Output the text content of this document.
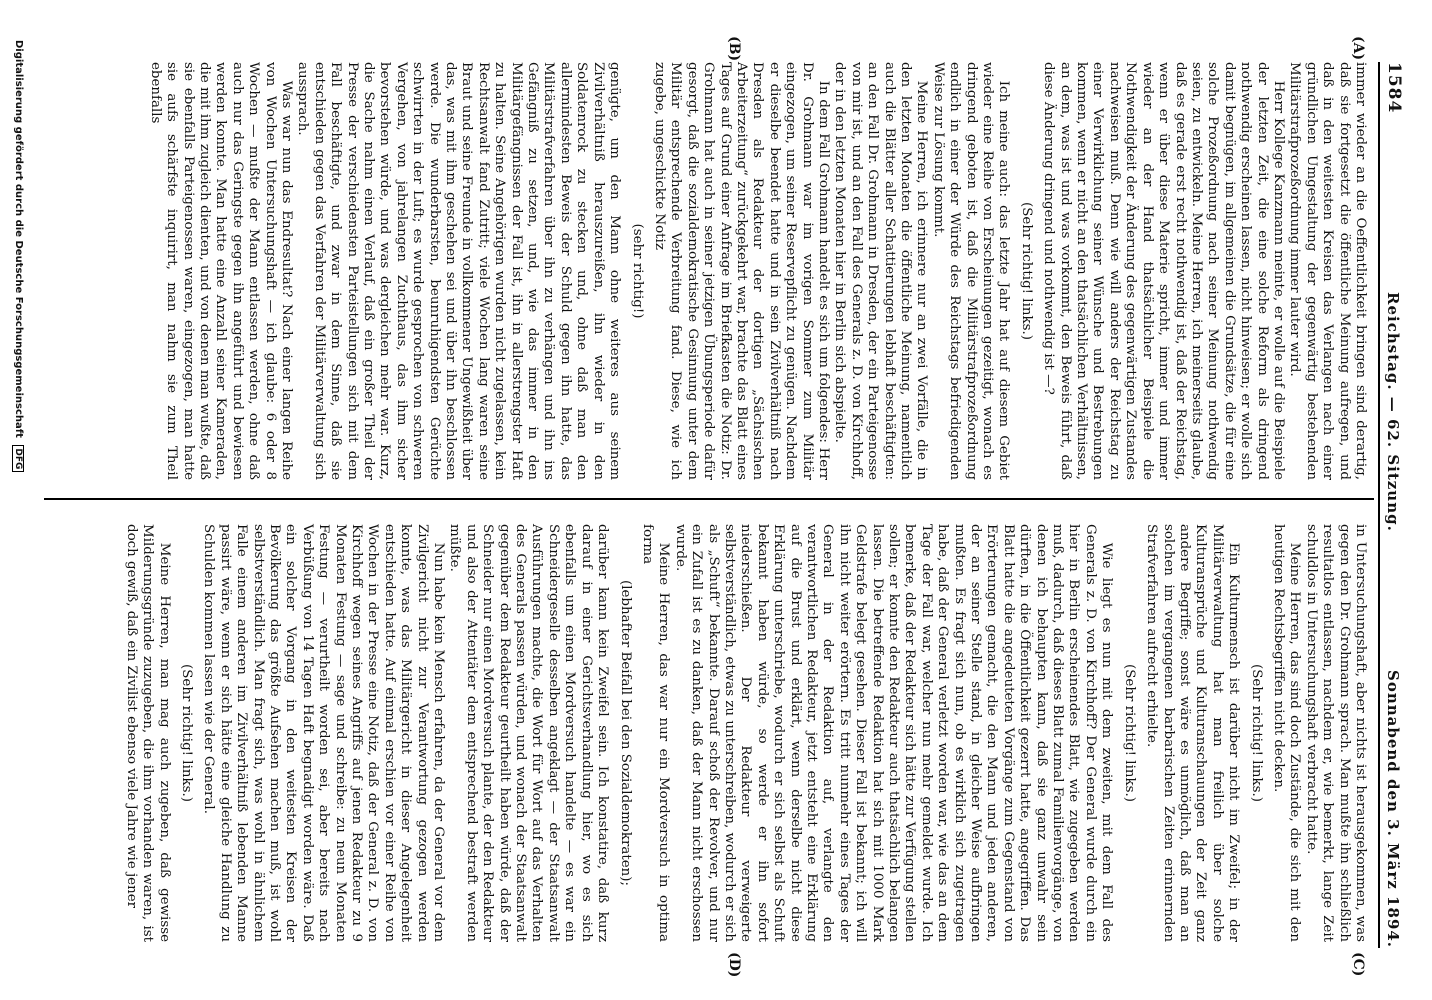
1584
Reichstag. — 62. Sitzung.
Sonnabend den 3. März 1894.
(A)
(B)
(C)
(D)

immer wieder an die Oeffentlichkeit bringen sind derartig, daß sie fortgesetzt die öffentliche Meinung aufregen, und daß in den weitesten Kreisen das Verlangen nach einer gründlichen Umgestaltung der gegenwärtig bestehenden Militärstrafprozeßordnung immer lauter wird.

Herr Kollege Kanzmann meinte, er wolle auf die Beispiele der letzten Zeit, die eine solche Reform als dringend nothwendig erscheinen lassen, nicht hinweisen; er wolle sich damit begnügen, im allgemeinen die Grundsätze, die für eine solche Prozeßordnung nach seiner Meinung nothwendig seien, zu entwickeln. Meine Herren, ich meinerseits glaube, daß es gerade erst recht nothwendig ist, daß der Reichstag, wenn er über diese Materie spricht, immer und immer wieder an der Hand thatsächlicher Beispiele die Nothwendigkeit der Änderung des gegenwärtigen Zustandes nachweisen muß. Denn wie will anders der Reichstag zu einer Verwirklichung seiner Wünsche und Bestrebungen kommen, wenn er nicht an den thatsächlichen Verhältnissen, an dem, was ist und was vorkommt, den Beweis führt, daß diese Änderung dringend und nothwendig ist —?

(Sehr richtig! links.)

Ich meine auch: das letzte Jahr hat auf diesem Gebiet wieder eine Reihe von Erscheinungen gezeitigt, wonach es dringend geboten ist, daß die Militärstrafprozeßordnung endlich in einer der Würde des Reichstags befriedigenden Weise zur Lösung kommt.

Meine Herren, ich erinnere nur an zwei Vorfälle, die in den letzten Monaten die öffentliche Meinung, namentlich auch die Blätter aller Schattierungen lebhaft beschäftigten: an den Fall Dr. Grohmann in Dresden, der ein Parteigenosse von mir ist, und an den Fall des Generals z. D. von Kirchhoff, der in den letzten Monaten hier in Berlin sich abspielte.

In dem Fall Grohmann handelt es sich um folgendes: Herr Dr. Grohmann war im vorigen Sommer zum Militär eingezogen, um seiner Reservepflicht zu genügen. Nachdem er dieselbe beendet hatte und in sein Zivilverhältniß nach Dresden als Redakteur der dortigen „Sächsischen Arbeiterzeitung“ zurückgekehrt war, brachte das Blatt eines Tages auf Grund einer Anfrage im Briefkasten die Notiz: Dr. Grohmann hat auch in seiner jetzigen Übungsperiode dafür gesorgt, daß die sozialdemokratische Gesinnung unter dem Militär entsprechende Verbreitung fand. Diese, wie ich zugebe, ungeschickte Notiz

(sehr richtig!)

genügte, um den Mann ohne weiteres aus seinem Zivilverhältniß herauszureißen, ihn wieder in den Soldatenrock zu stecken und, ohne daß man den allermindesten Beweis der Schuld gegen ihn hatte, das Militärstrafverfahren über ihn zu verhängen und ihn ins Gefängniß zu setzen, und, wie das immer in den Militärgefängnissen der Fall ist, ihn in allerstrengster Haft zu halten. Seine Angehörigen wurden nicht zugelassen, kein Rechtsanwalt fand Zutritt; viele Wochen lang waren seine Braut und seine Freunde in vollkommener Ungewißheit über das, was mit ihm geschehen sei und über ihn beschlossen werde. Die wunderbarsten, beunruhigendsten Gerüchte schwirrten in der Luft; es wurde gesprochen von schweren Vergehen, von jahrelangen Zuchthaus, das ihm sicher bevorstehen würde, und was dergleichen mehr war. Kurz, die Sache nahm einen Verlauf, daß ein großer Theil der Presse der verschiedensten Parteistellungen sich mit dem Fall beschäftigte, und zwar in dem Sinne, daß sie entschieden gegen das Verfahren der Militärverwaltung sich aussprach.

Was war nun das Endresultat? Nach einer langen Reihe von Wochen Untersuchungshaft — ich glaube: 6 oder 8 Wochen — mußte der Mann entlassen werden, ohne daß auch nur das Geringste gegen ihn angeführt und bewiesen werden konnte. Man hatte eine Anzahl seiner Kameraden, die mit ihm zugleich dienten, und von denen man wußte, daß sie ebenfalls Parteigenossen waren, eingezogen, man hatte sie aufs schärfste inquirirt, man nahm sie zum Theil ebenfalls

in Untersuchungshaft, aber nichts ist herausgekommen, was gegen den Dr. Grohmann sprach. Man mußte ihn schließlich resultatlos entlassen, nachdem er, wie bemerkt, lange Zeit schuldlos in Untersuchungshaft verbracht hatte.

Meine Herren, das sind doch Zustände, die sich mit den heutigen Rechtsbegriffen nicht decken.

(Sehr richtig! links.)

Ein Kulturmensch ist darüber nicht im Zweifel; in der Militärverwaltung hat man freilich über solche Kulturansprüche und Kulturanschauungen der Zeit ganz andere Begriffe; sonst wäre es unmöglich, daß man an solchen im vergangenen barbarischen Zeiten erinnernden Strafverfahren aufrecht erhielte.

(Sehr richtig! links.)

Wie liegt es nun mit dem zweiten, mit dem Fall des Generals z. D. von Kirchhoff? Der General wurde durch ein hier in Berlin erscheinendes Blatt, wie zugegeben werden muß, dadurch, daß dieses Blatt zumal Familienvorgänge, von denen ich behaupten kann, daß sie ganz unwahr sein dürften, in die Öffentlichkeit gezerrt hatte, angegriffen. Das Blatt hatte die angedeuteten Vorgänge zum Gegenstand von Erörterungen gemacht, die den Mann und jeden anderen, der an seiner Stelle stand, in gleicher Weise aufbringen mußten. Es fragt sich nun, ob es wirklich sich zugetragen habe, daß der General verletzt worden war, wie das an dem Tage der Fall war, welcher nun mehr gemeldet wurde. Ich bemerke, daß der Redakteur sich hätte zur Verfügung stellen sollen; er konnte den Redakteur auch thatsächlich belangen lassen. Die betreffende Redaktion hat sich mit 1000 Mark Geldstrafe belegt gesehen. Dieser Fall ist bekannt; ich will ihn nicht weiter erörtern. Es tritt nunmehr eines Tages der General in der Redaktion auf, verlangte den verantwortlichen Redakteur, jetzt entsteht eine Erklärung auf die Brust und erklärt, wenn derselbe nicht diese Erklärung unterschriebe, wodurch er sich selbst als Schuft bekannt haben würde, so werde er ihn sofort niederschießen. Der Redakteur verweigerte selbstverständlich, etwas zu unterschreiben, wodurch er sich als „Schuft“ bekannte. Darauf schoß der Revolver, und nur ein Zufall ist es zu danken, daß der Mann nicht erschossen wurde.

Meine Herren, das war nur ein Mordversuch in optima forma

(lebhafter Beifall bei den Sozialdemokraten);

darüber kann kein Zweifel sein. Ich konstatire, daß kurz darauf in einer Gerichtsverhandlung hier, wo es sich ebenfalls um einen Mordversuch handelte — es war ein Schneidergeselle desselben angeklagt — der Staatsanwalt Ausführungen machte, die Wort für Wort auf das Verhalten des Generals passen würden, und wonach der Staatsanwalt gegenüber dem Redakteur geurtheilt haben würde, daß der Schneider nur einen Mordversuch plante, der den Redakteur und also der Attentäter dem entsprechend bestraft werden müßte.

Nun habe kein Mensch erfahren, da der General vor dem Zivilgericht nicht zur Verantwortung gezogen werden konnte, was das Militärgericht in dieser Angelegenheit entschieden hatte. Auf einmal erschien vor einer Reihe von Wochen in der Presse eine Notiz, daß der General z. D. von Kirchhoff wegen seines Angriffs auf jenen Redakteur zu 9 Monaten Festung — sage und schreibe: zu neun Monaten Festung — verurtheilt worden sei, aber bereits nach Verbüßung von 14 Tagen Haft begnadigt worden wäre. Daß ein solcher Vorgang in den weitesten Kreisen der Bevölkerung das größte Aufsehen machen muß, ist wohl selbstverständlich. Man fragt sich, was wohl in ähnlichem Falle einem anderen im Zivilverhältniß lebenden Manne passirt wäre, wenn er sich hätte eine gleiche Handlung zu Schulden kommen lassen wie der General.

(Sehr richtig! links.)

Meine Herren, man mag auch zugeben, daß gewisse Milderungsgründe zuzugeben, die ihm vorhanden waren, ist doch gewiß, daß ein Zivilist ebenso viele Jahre wie jener

Digitalisierung gefördert durch die Deutsche Forschungsgemeinschaft DFG
